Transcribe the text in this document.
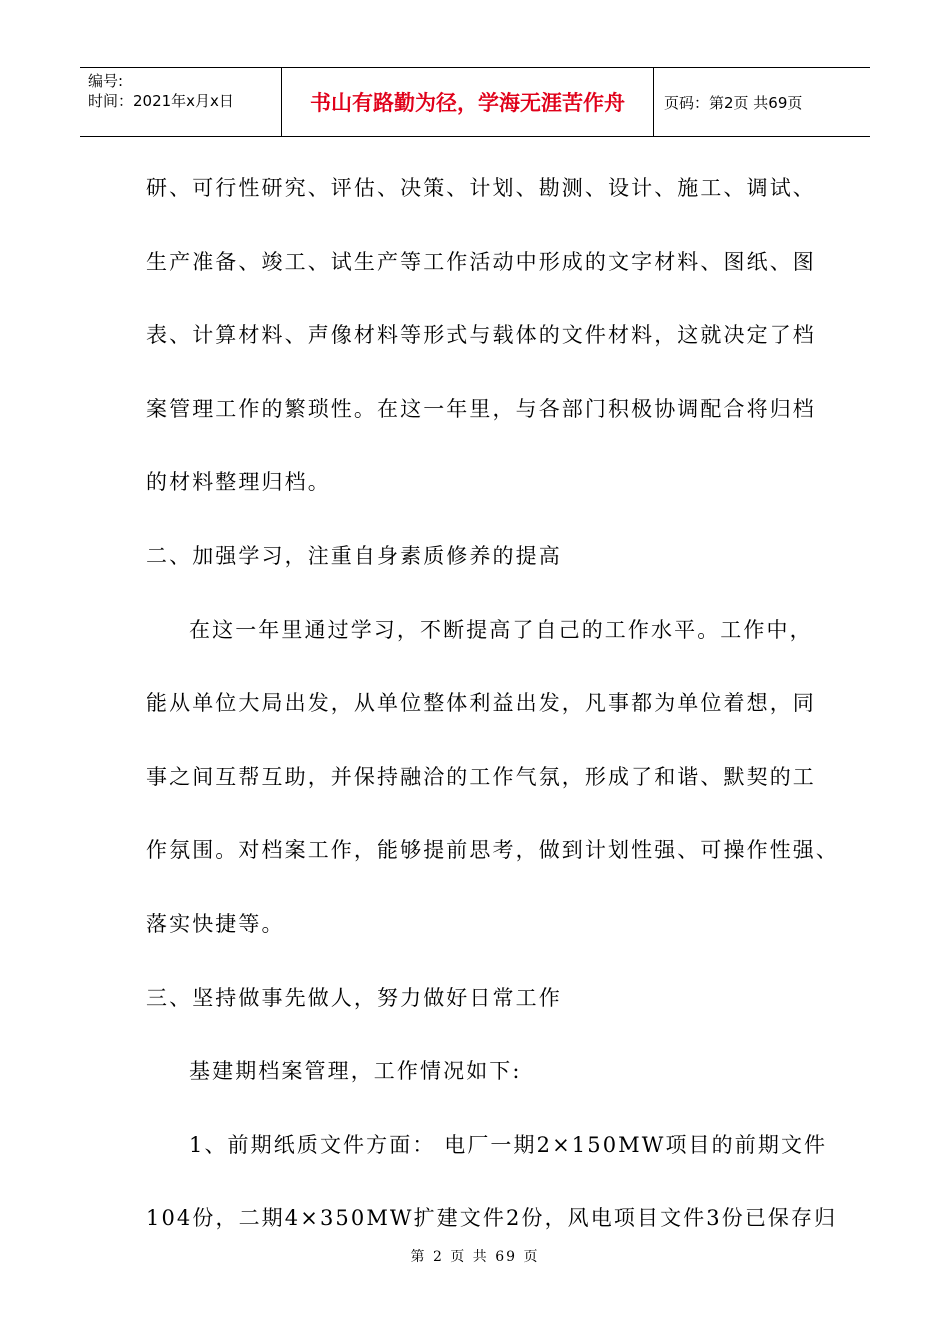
编号:
时间：2021年x月x日	书山有路勤为径，学海无涯苦作舟	页码：第2页 共69页
研、可行性研究、评估、决策、计划、勘测、设计、施工、调试、
生产准备、竣工、试生产等工作活动中形成的文字材料、图纸、图
表、计算材料、声像材料等形式与载体的文件材料，这就决定了档
案管理工作的繁琐性。在这一年里，与各部门积极协调配合将归档
的材料整理归档。
二、加强学习，注重自身素质修养的提高
在这一年里通过学习，不断提高了自己的工作水平。工作中，
能从单位大局出发，从单位整体利益出发，凡事都为单位着想，同
事之间互帮互助，并保持融洽的工作气氛，形成了和谐、默契的工
作氛围。对档案工作，能够提前思考，做到计划性强、可操作性强、
落实快捷等。
三、坚持做事先做人，努力做好日常工作
基建期档案管理，工作情况如下:
1、前期纸质文件方面： 电厂一期2×150MW项目的前期文件
104份，二期4×350MW扩建文件2份，风电项目文件3份已保存归
第 2 页 共 69 页
